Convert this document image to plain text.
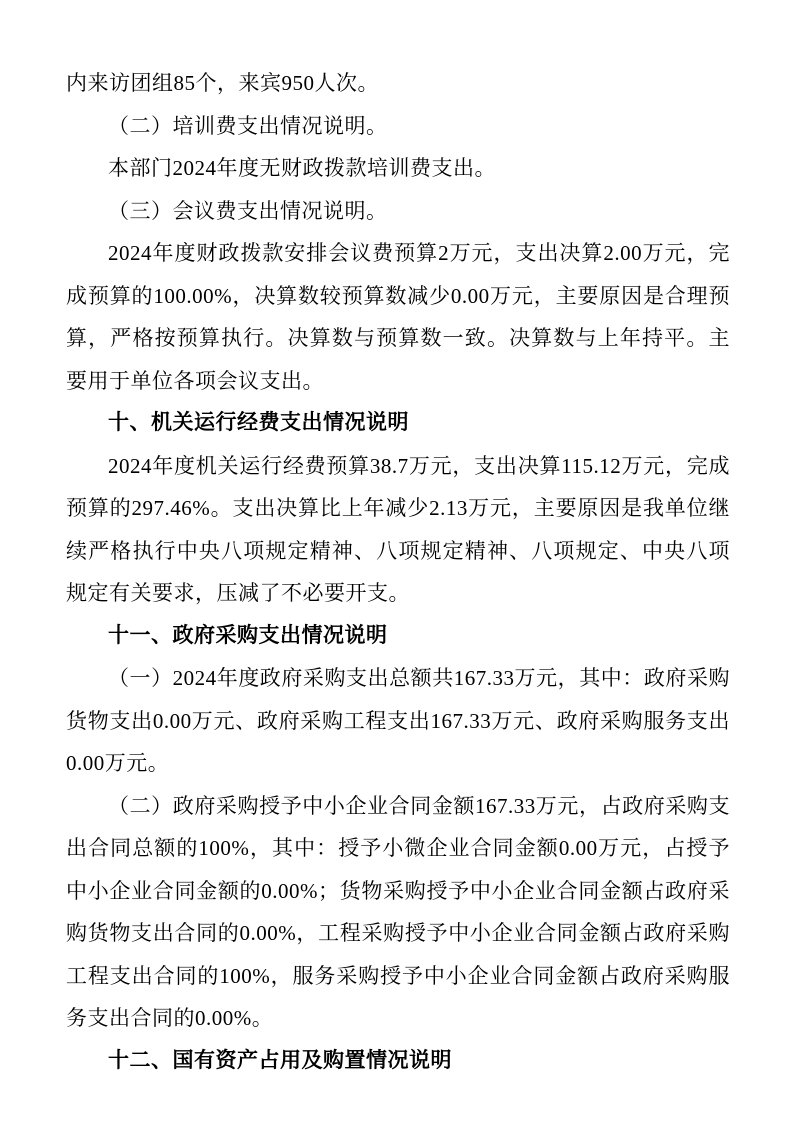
内来访团组85个，来宾950人次。

（二）培训费支出情况说明。

本部门2024年度无财政拨款培训费支出。

（三）会议费支出情况说明。

2024年度财政拨款安排会议费预算2万元，支出决算2.00万元，完成预算的100.00%，决算数较预算数减少0.00万元，主要原因是合理预算，严格按预算执行。决算数与预算数一致。决算数与上年持平。主要用于单位各项会议支出。

十、机关运行经费支出情况说明

2024年度机关运行经费预算38.7万元，支出决算115.12万元，完成预算的297.46%。支出决算比上年减少2.13万元，主要原因是我单位继续严格执行中央八项规定精神、八项规定精神、八项规定、中央八项规定有关要求，压减了不必要开支。

十一、政府采购支出情况说明

（一）2024年度政府采购支出总额共167.33万元，其中：政府采购货物支出0.00万元、政府采购工程支出167.33万元、政府采购服务支出0.00万元。

（二）政府采购授予中小企业合同金额167.33万元，占政府采购支出合同总额的100%，其中：授予小微企业合同金额0.00万元，占授予中小企业合同金额的0.00%；货物采购授予中小企业合同金额占政府采购货物支出合同的0.00%，工程采购授予中小企业合同金额占政府采购工程支出合同的100%，服务采购授予中小企业合同金额占政府采购服务支出合同的0.00%。

十二、国有资产占用及购置情况说明
